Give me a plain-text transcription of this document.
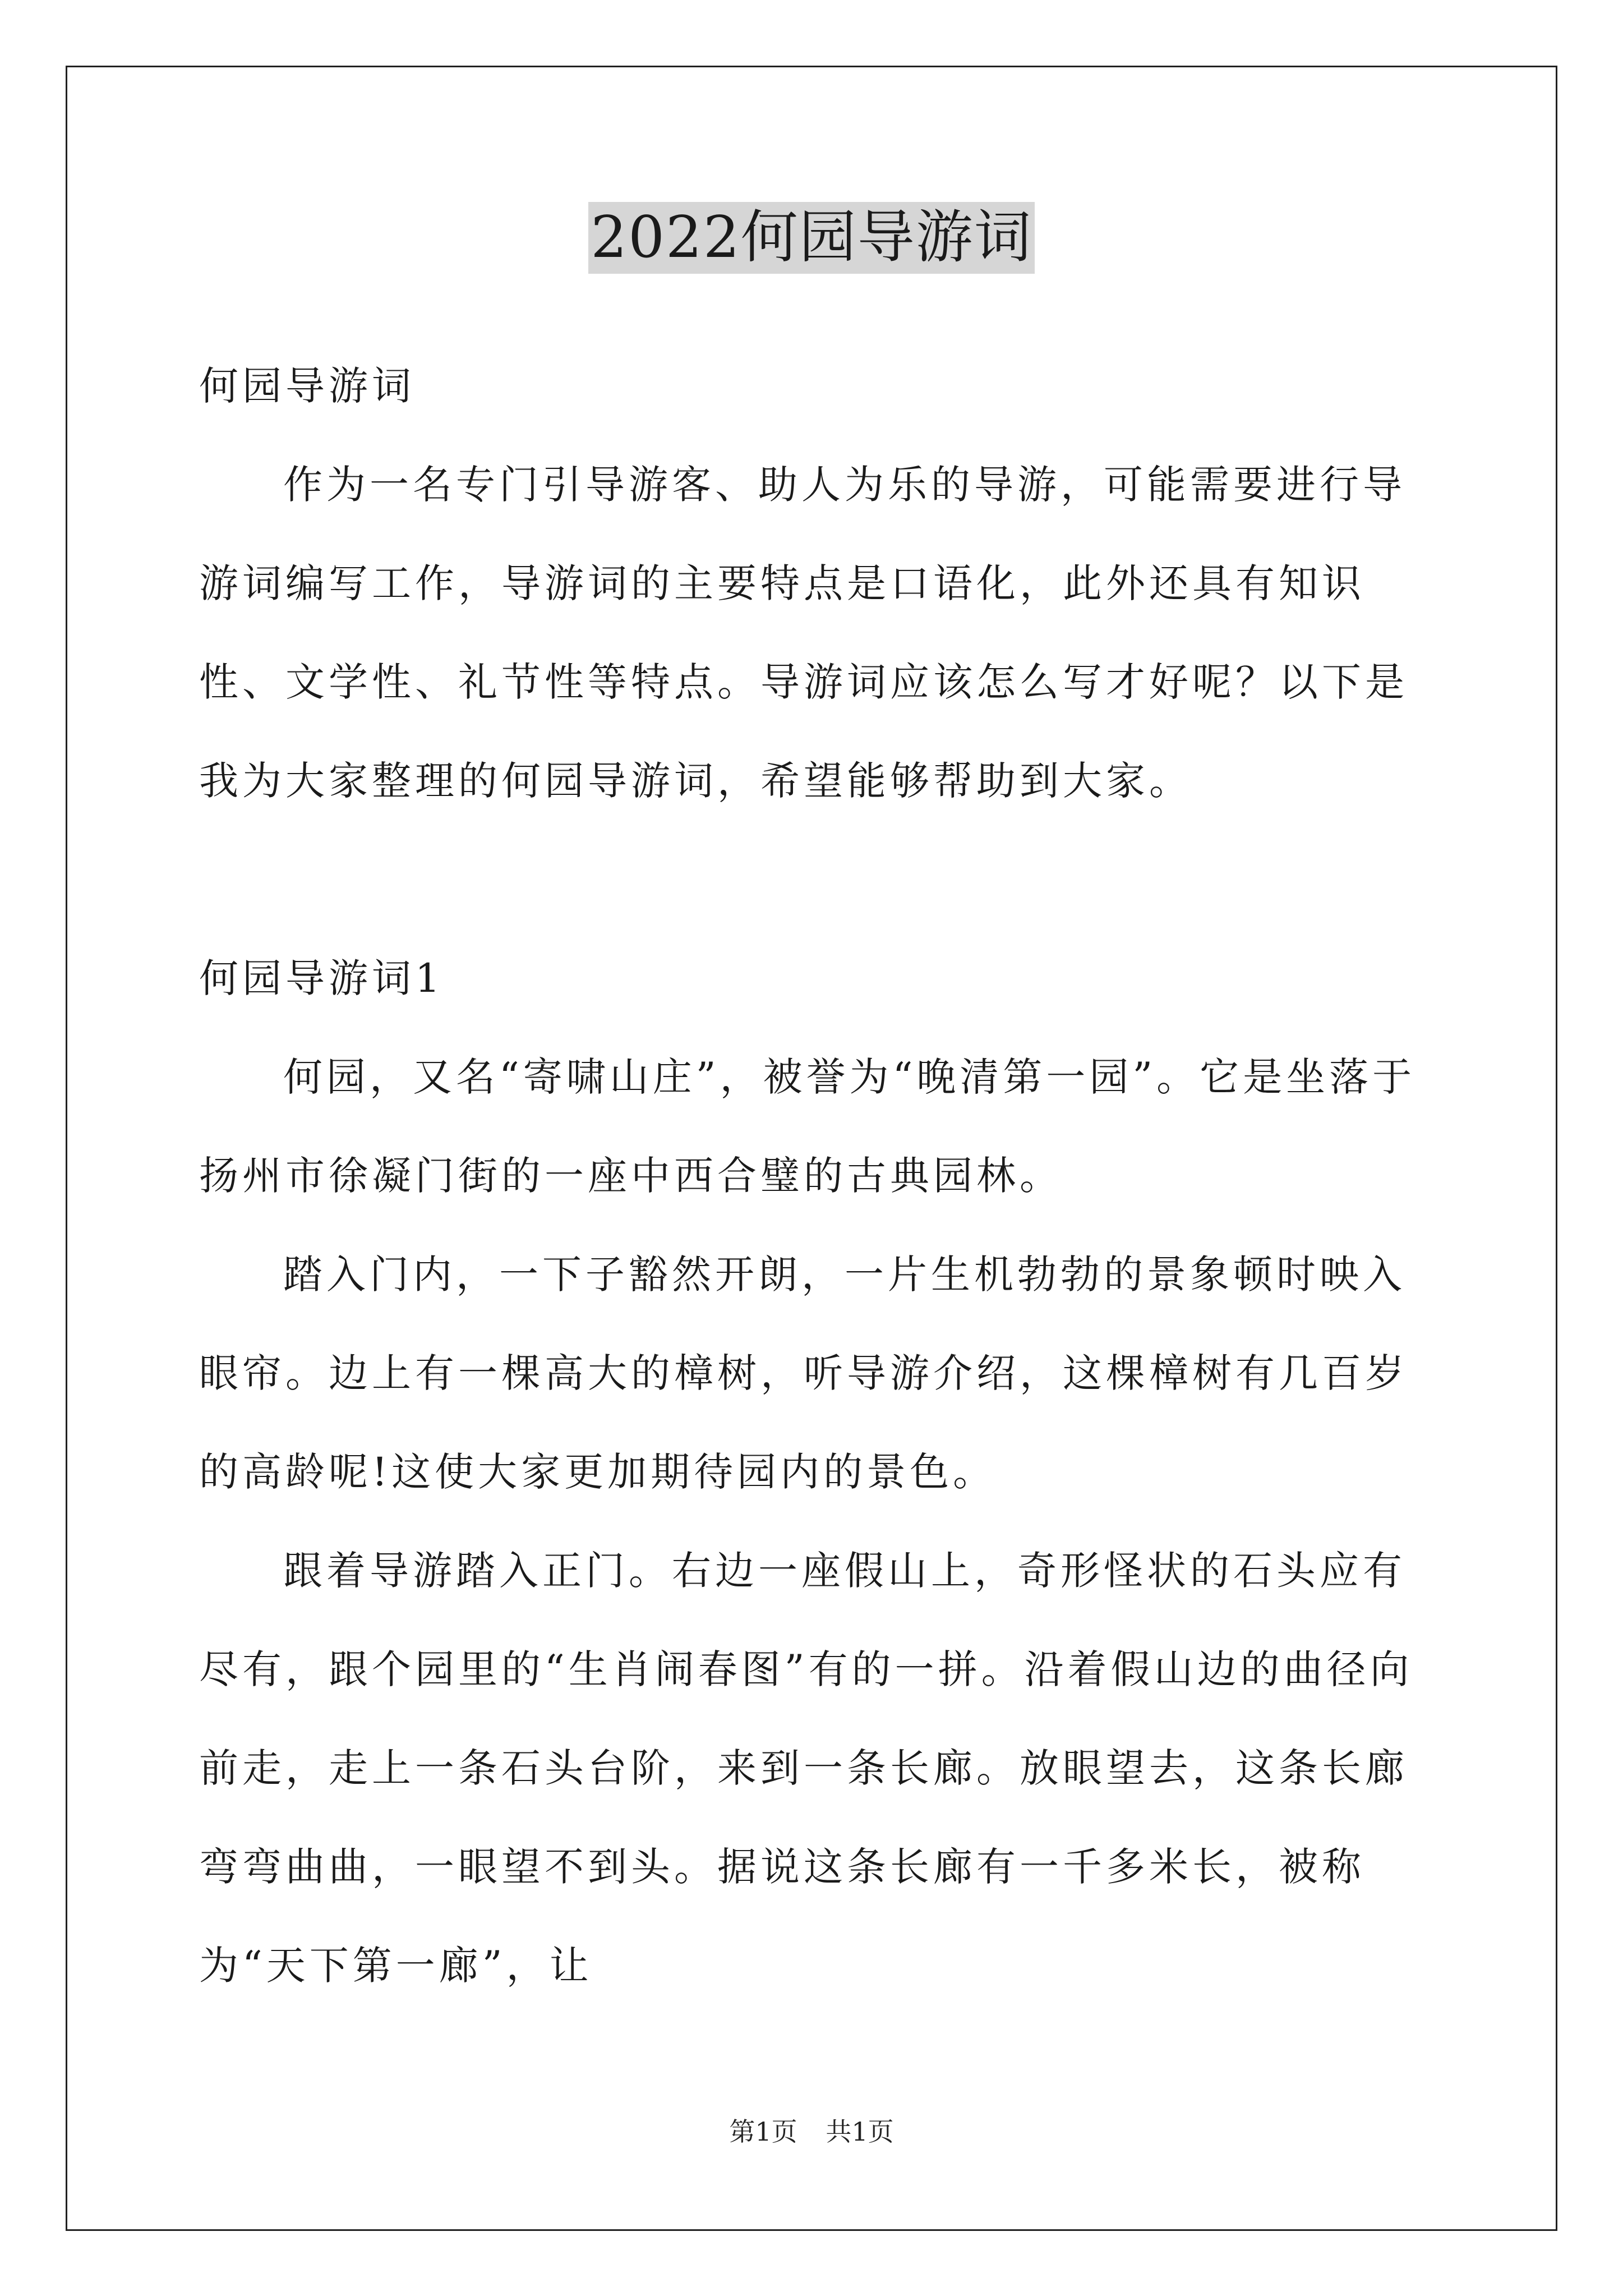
2022何园导游词

何园导游词

作为一名专门引导游客、助人为乐的导游，可能需要进行导游词编写工作，导游词的主要特点是口语化，此外还具有知识性、文学性、礼节性等特点。导游词应该怎么写才好呢？以下是我为大家整理的何园导游词，希望能够帮助到大家。

何园导游词1

何园，又名“寄啸山庄”，被誉为“晚清第一园”。它是坐落于扬州市徐凝门街的一座中西合璧的古典园林。

踏入门内，一下子豁然开朗，一片生机勃勃的景象顿时映入眼帘。边上有一棵高大的樟树，听导游介绍，这棵樟树有几百岁的高龄呢!这使大家更加期待园内的景色。

跟着导游踏入正门。右边一座假山上，奇形怪状的石头应有尽有，跟个园里的“生肖闹春图”有的一拼。沿着假山边的曲径向前走，走上一条石头台阶，来到一条长廊。放眼望去，这条长廊弯弯曲曲，一眼望不到头。据说这条长廊有一千多米长，被称为“天下第一廊”，让

第1页 共1页
